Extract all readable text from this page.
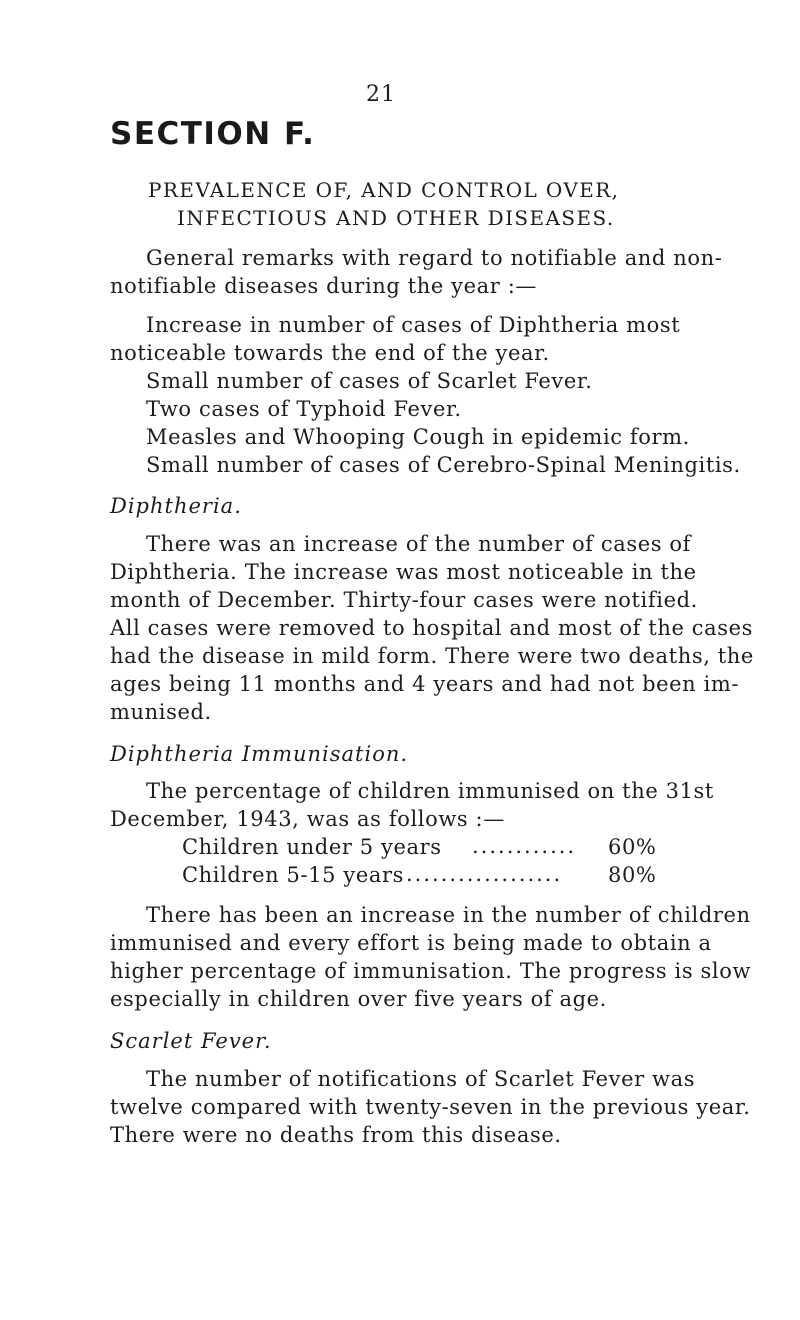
21
SECTION F.
PREVALENCE OF, AND CONTROL OVER,
INFECTIOUS AND OTHER DISEASES.
General remarks with regard to notifiable and non-
notifiable diseases during the year :—
Increase in number of cases of Diphtheria most
noticeable towards the end of the year.
Small number of cases of Scarlet Fever.
Two cases of Typhoid Fever.
Measles and Whooping Cough in epidemic form.
Small number of cases of Cerebro-Spinal Meningitis.
Diphtheria.
There was an increase of the number of cases of
Diphtheria. The increase was most noticeable in the
month of December. Thirty-four cases were notified.
All cases were removed to hospital and most of the cases
had the disease in mild form. There were two deaths, the
ages being 11 months and 4 years and had not been im-
munised.
Diphtheria Immunisation.
The percentage of children immunised on the 31st
December, 1943, was as follows :—
Children under 5 years ............ 60%
Children 5-15 years .................. 80%
There has been an increase in the number of children
immunised and every effort is being made to obtain a
higher percentage of immunisation. The progress is slow
especially in children over five years of age.
Scarlet Fever.
The number of notifications of Scarlet Fever was
twelve compared with twenty-seven in the previous year.
There were no deaths from this disease.
